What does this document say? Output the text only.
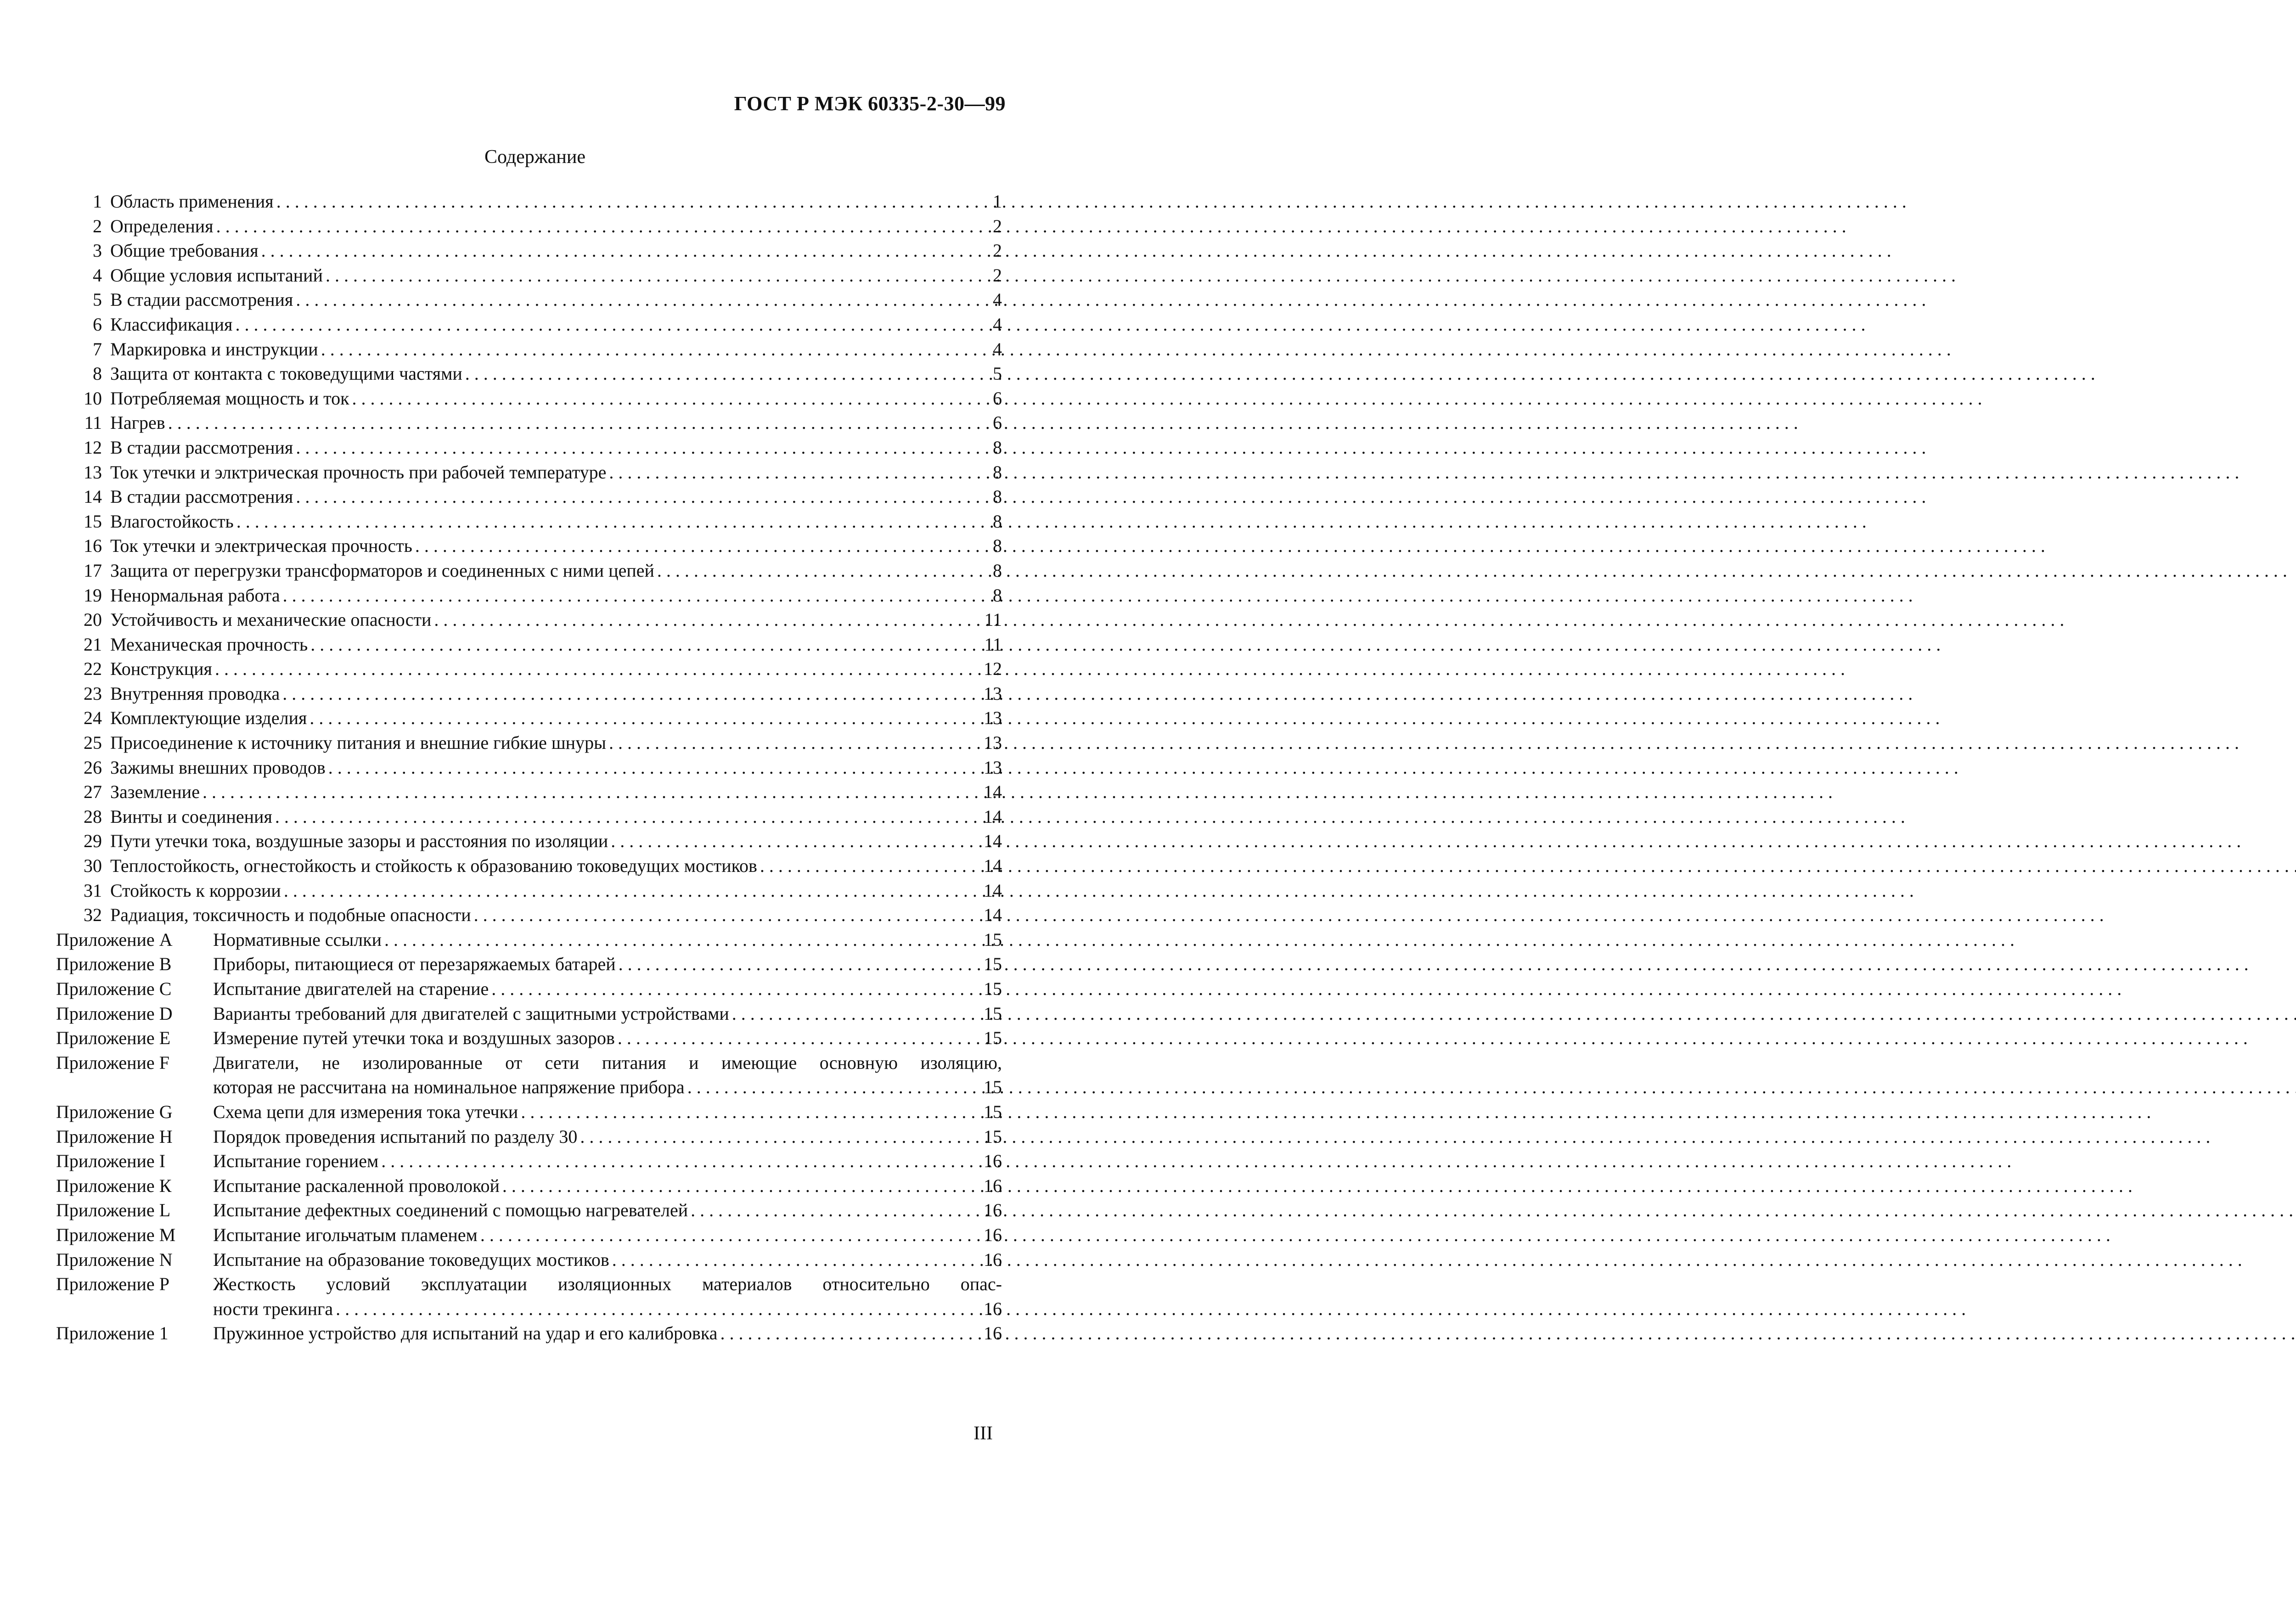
ГОСТ Р МЭК 60335-2-30—99
Содержание
1 Область применения . . .	1
2 Определения . . .	2
3 Общие требования . . .	2
4 Общие условия испытаний . . .	2
5 В стадии рассмотрения . . .	4
6 Классификация . . .	4
7 Маркировка и инструкции . . .	4
8 Защита от контакта с токоведущими частями . . .	5
10 Потребляемая мощность и ток . . .	6
11 Нагрев . . .	6
12 В стадии рассмотрения . . .	8
13 Ток утечки и элктрическая прочность при рабочей температуре . . .	8
14 В стадии рассмотрения . . .	8
15 Влагостойкость . . .	8
16 Ток утечки и электрическая прочность . . .	8
17 Защита от перегрузки трансформаторов и соединенных с ними цепей . . .	8
19 Ненормальная работа . . .	8
20 Устойчивость и механические опасности . . .	11
21 Механическая прочность . . .	11
22 Конструкция . . .	12
23 Внутренняя проводка . . .	13
24 Комплектующие изделия . . .	13
25 Присоединение к источнику питания и внешние гибкие шнуры . . .	13
26 Зажимы внешних проводов . . .	13
27 Заземление . . .	14
28 Винты и соединения . . .	14
29 Пути утечки тока, воздушные зазоры и расстояния по изоляции . . .	14
30 Теплостойкость, огнестойкость и стойкость к образованию токоведущих мостиков . . .	14
31 Стойкость к коррозии . . .	14
32 Радиация, токсичность и подобные опасности . . .	14
Приложение А	Нормативные ссылки . . .	15
Приложение В	Приборы, питающиеся от перезаряжаемых батарей . . .	15
Приложение С	Испытание двигателей на старение . . .	15
Приложение D	Варианты требований для двигателей с защитными устройствами . . .	15
Приложение Е	Измерение путей утечки тока и воздушных зазоров . . .	15
Приложение F	Двигатели, не изолированные от сети питания и имеющие основную изоляцию,
которая не рассчитана на номинальное напряжение прибора . . .	15
Приложение G	Схема цепи для измерения тока утечки . . .	15
Приложение Н	Порядок проведения испытаний по разделу 30 . . .	15
Приложение I	Испытание горением . . .	16
Приложение К	Испытание раскаленной проволокой . . .	16
Приложение L	Испытание дефектных соединений с помощью нагревателей . . .	16
Приложение М	Испытание игольчатым пламенем . . .	16
Приложение N	Испытание на образование токоведущих мостиков . . .	16
Приложение Р	Жесткость условий эксплуатации изоляционных материалов относительно опас-
ности трекинга . . .	16
Приложение 1	Пружинное устройство для испытаний на удар и его калибровка . . .	16
III
